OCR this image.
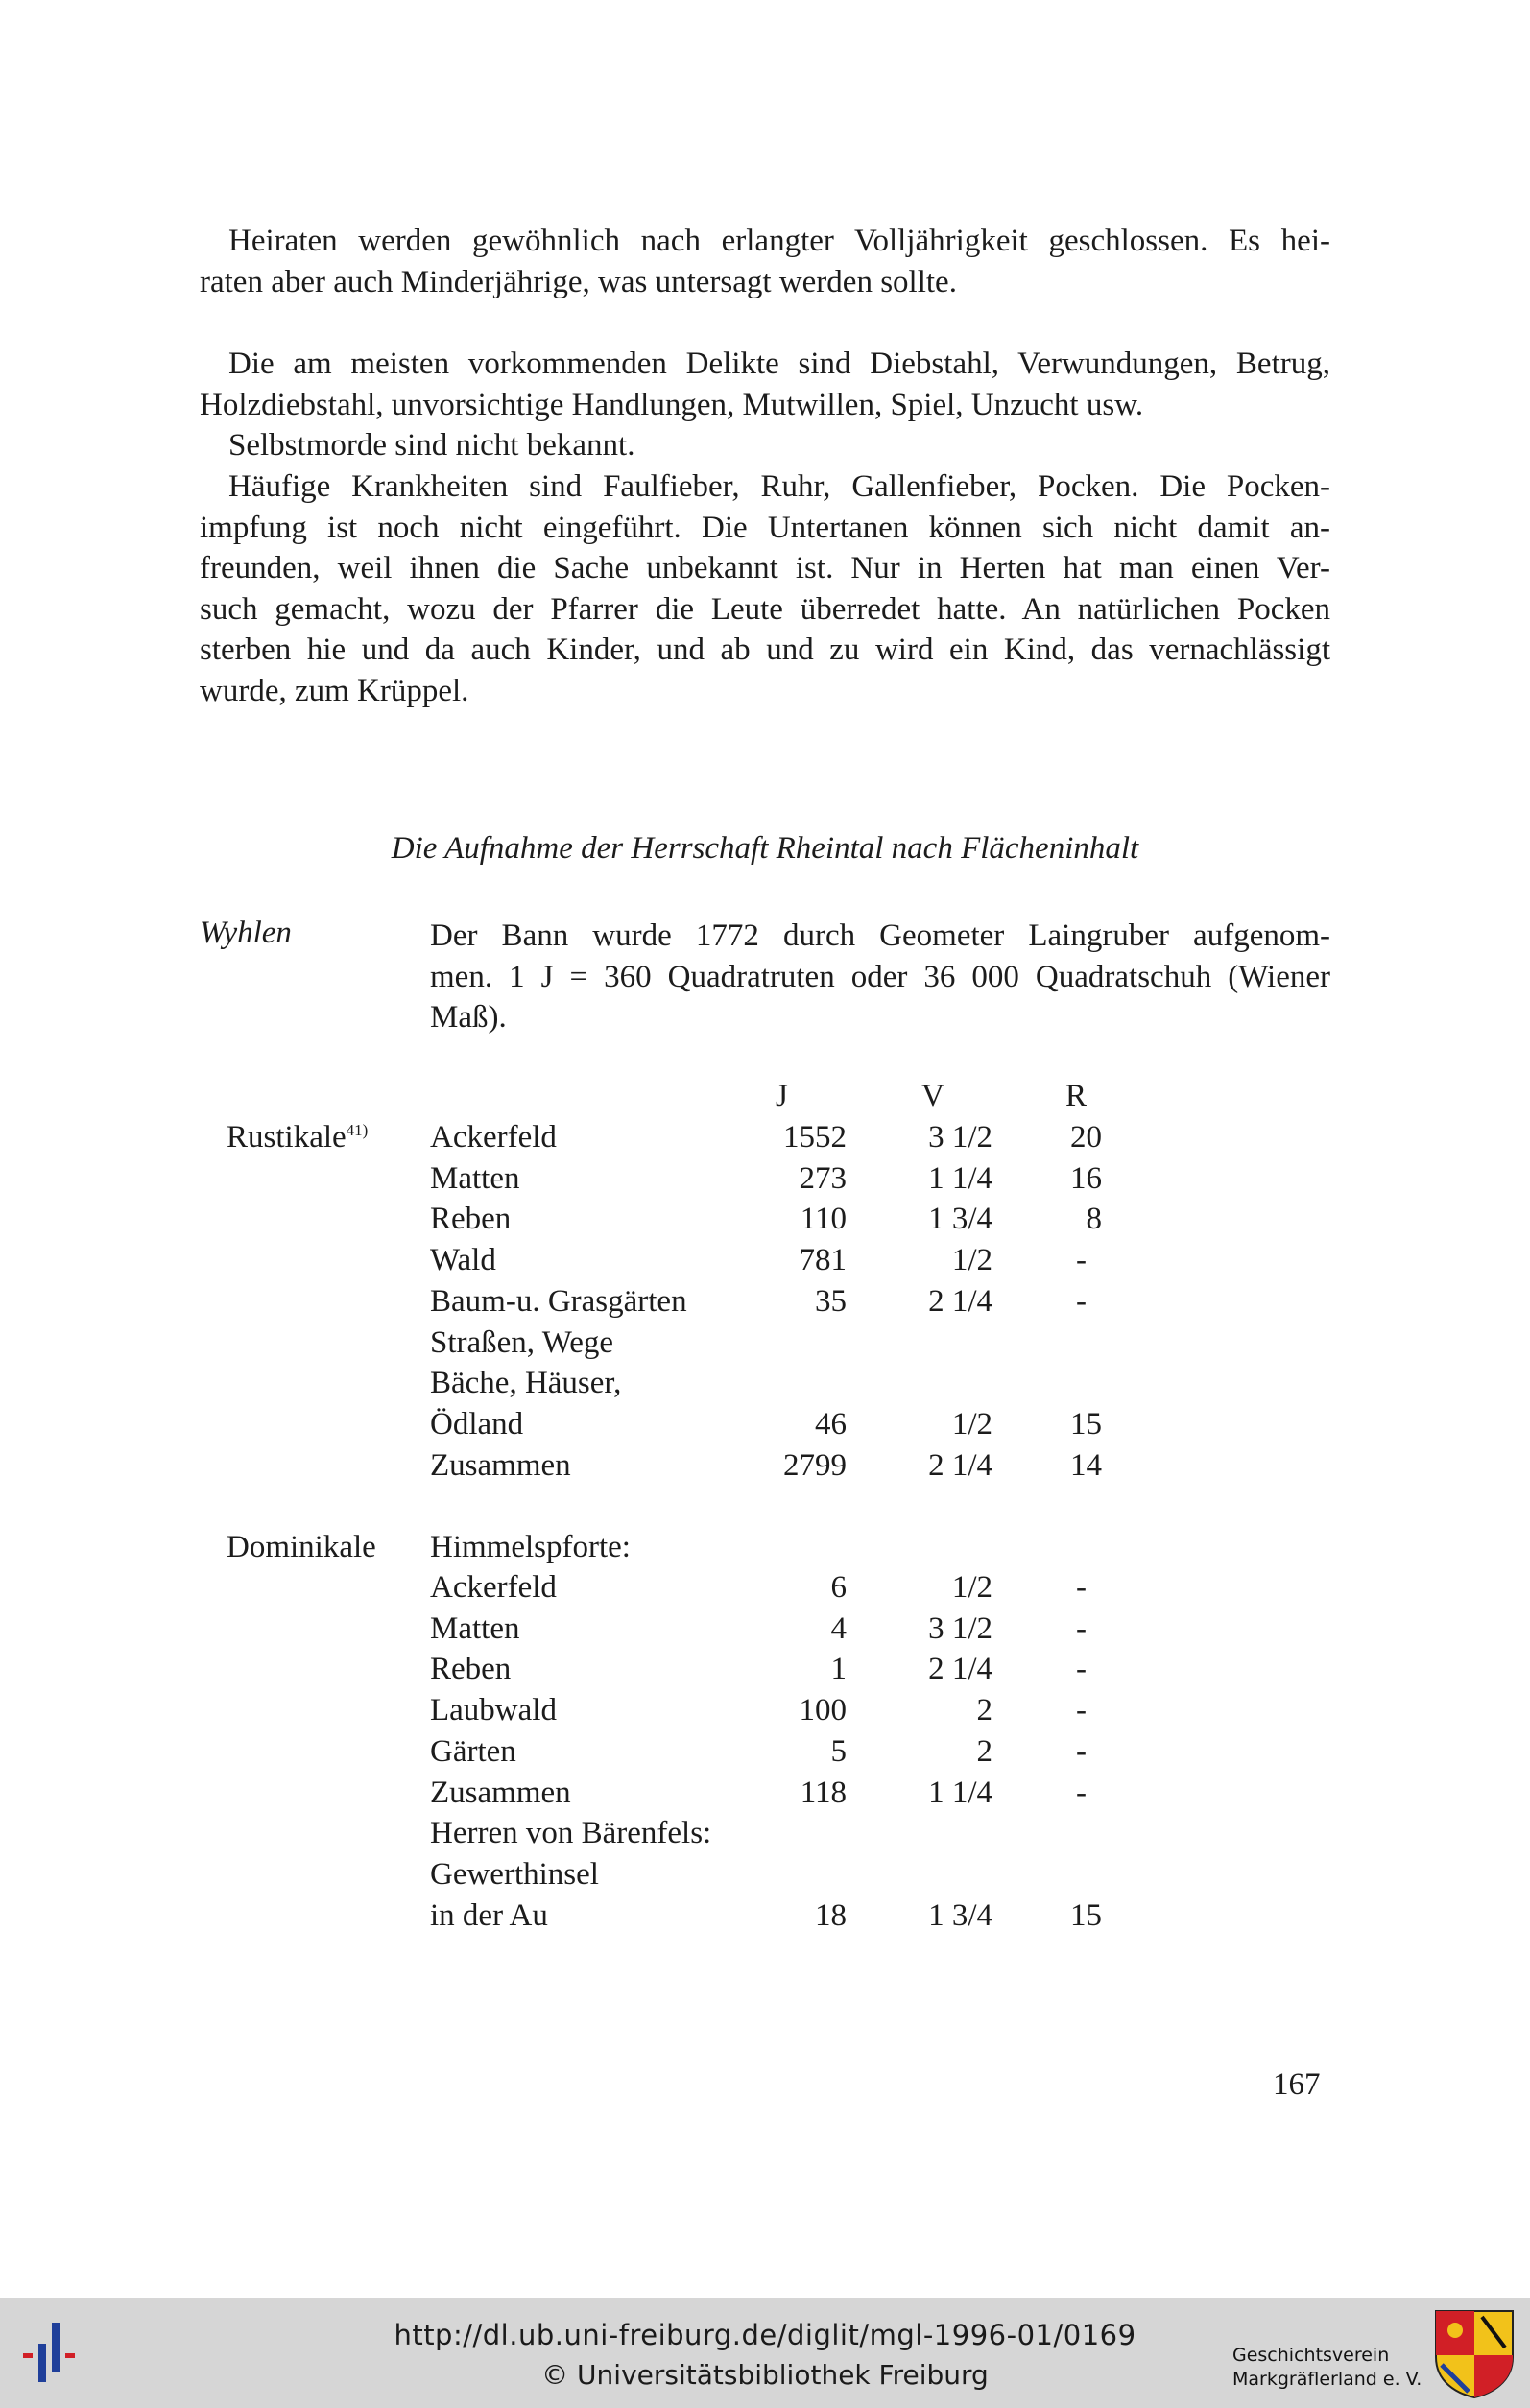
Heiraten werden gewöhnlich nach erlangter Volljährigkeit geschlossen. Es hei-
raten aber auch Minderjährige, was untersagt werden sollte.

Die am meisten vorkommenden Delikte sind Diebstahl, Verwundungen, Betrug,
Holzdiebstahl, unvorsichtige Handlungen, Mutwillen, Spiel, Unzucht usw.
Selbstmorde sind nicht bekannt.

Häufige Krankheiten sind Faulfieber, Ruhr, Gallenfieber, Pocken. Die Pocken-
impfung ist noch nicht eingeführt. Die Untertanen können sich nicht damit an-
freunden, weil ihnen die Sache unbekannt ist. Nur in Herten hat man einen Ver-
such gemacht, wozu der Pfarrer die Leute überredet hatte. An natürlichen Pocken
sterben hie und da auch Kinder, und ab und zu wird ein Kind, das vernachlässigt
wurde, zum Krüppel.

Die Aufnahme der Herrschaft Rheintal nach Flächeninhalt
Wyhlen	Der Bann wurde 1772 durch Geometer Laingruber aufgenom-
men. 1 J = 360 Quadratruten oder 36 000 Quadratschuh (Wiener
Maß).

J	V	R
Rustikale$^{41)}$ Ackerfeld	1552	3 1/2	20
Matten	273	1 1/4	16
Reben	110	1 3/4	8
Wald	781	1/2	-
Baum-u. Grasgärten	35	2 1/4	-
Straßen, Wege
Bäche, Häuser,
Ödland	46	1/2	15
Zusammen	2799	2 1/4	14
Dominikale Himmelspforte:
Ackerfeld	6	1/2	-
Matten	4	3 1/2	-
Reben	1	2 1/4	-
Laubwald	100	2	-
Gärten	5	2	-
Zusammen	118	1 1/4	-
Herren von Bärenfels:
Gewerthinsel
in der Au	18	1 3/4	15
167
http://dl.ub.uni-freiburg.de/diglit/mgl-1996-01/0169
© Universitätsbibliothek Freiburg
Geschichtsverein
Markgräflerland e. V.
